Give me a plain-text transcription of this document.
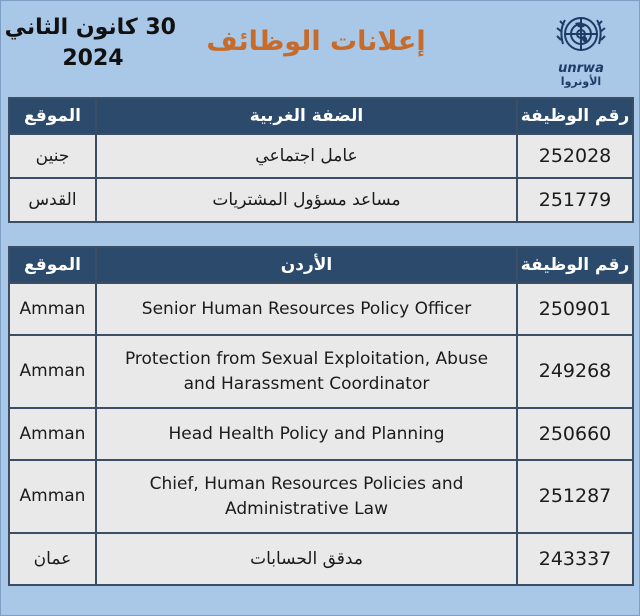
30 كانون الثاني
2024
إعلانات الوظائف
unrwa
الأونروا
الموقع	الضفة الغربية	رقم الوظيفة
جنين	عامل اجتماعي	252028
القدس	مساعد مسؤول المشتريات	251779
الموقع	الأردن	رقم الوظيفة
Amman	Senior Human Resources Policy Officer	250901
Amman	Protection from Sexual Exploitation, Abuse
and Harassment Coordinator	249268
Amman	Head Health Policy and Planning	250660
Amman	Chief, Human Resources Policies and
Administrative Law	251287
عمان	مدقق الحسابات	243337
